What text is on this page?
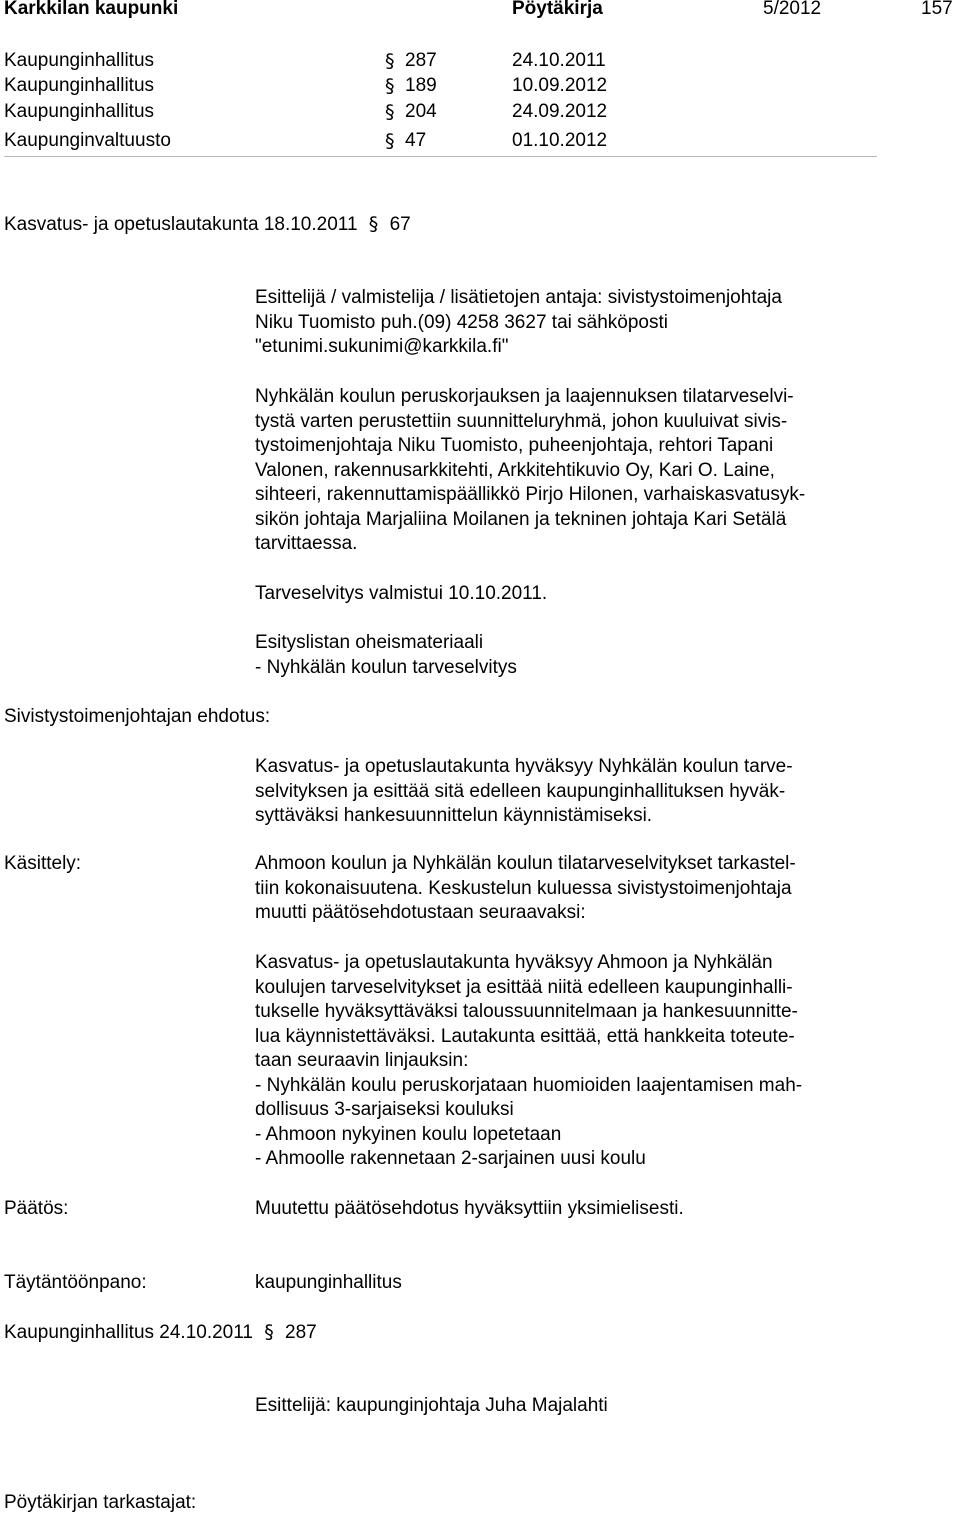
Karkkilan kaupunki	Pöytäkirja	5/2012	157
Kaupunginhallitus	§ 287	24.10.2011
Kaupunginhallitus	§ 189	10.09.2012
Kaupunginhallitus	§ 204	24.09.2012
Kaupunginvaltuusto	§ 47	01.10.2012
Kasvatus- ja opetuslautakunta 18.10.2011 § 67
Esittelijä / valmistelija / lisätietojen antaja: sivistystoimenjohtaja
Niku Tuomisto puh.(09) 4258 3627 tai sähköposti
"etunimi.sukunimi@karkkila.fi"
Nyhkälän koulun peruskorjauksen ja laajennuksen tilatarveselvi-
tystä varten perustettiin suunnitteluryhmä, johon kuuluivat sivis-
tystoimenjohtaja Niku Tuomisto, puheenjohtaja, rehtori Tapani
Valonen, rakennusarkkitehti, Arkkitehtikuvio Oy, Kari O. Laine,
sihteeri, rakennuttamispäällikkö Pirjo Hilonen, varhaiskasvatusyk-
sikön johtaja Marjaliina Moilanen ja tekninen johtaja Kari Setälä
tarvittaessa.
Tarveselvitys valmistui 10.10.2011.
Esityslistan oheismateriaali
- Nyhkälän koulun tarveselvitys
Sivistystoimenjohtajan ehdotus:
Kasvatus- ja opetuslautakunta hyväksyy Nyhkälän koulun tarve-
selvityksen ja esittää sitä edelleen kaupunginhallituksen hyväk-
syttäväksi hankesuunnittelun käynnistämiseksi.
Käsittely:	Ahmoon koulun ja Nyhkälän koulun tilatarveselvitykset tarkastel-
tiin kokonaisuutena. Keskustelun kuluessa sivistystoimenjohtaja
muutti päätösehdotustaan seuraavaksi:
Kasvatus- ja opetuslautakunta hyväksyy Ahmoon ja Nyhkälän
koulujen tarveselvitykset ja esittää niitä edelleen kaupunginhalli-
tukselle hyväksyttäväksi taloussuunnitelmaan ja hankesuunnitte-
lua käynnistettäväksi. Lautakunta esittää, että hankkeita toteute-
taan seuraavin linjauksin:
- Nyhkälän koulu peruskorjataan huomioiden laajentamisen mah-
dollisuus 3-sarjaiseksi kouluksi
- Ahmoon nykyinen koulu lopetetaan
- Ahmoolle rakennetaan 2-sarjainen uusi koulu
Päätös:	Muutettu päätösehdotus hyväksyttiin yksimielisesti.
Täytäntöönpano:	kaupunginhallitus
Kaupunginhallitus 24.10.2011 § 287
Esittelijä: kaupunginjohtaja Juha Majalahti
Pöytäkirjan tarkastajat:
